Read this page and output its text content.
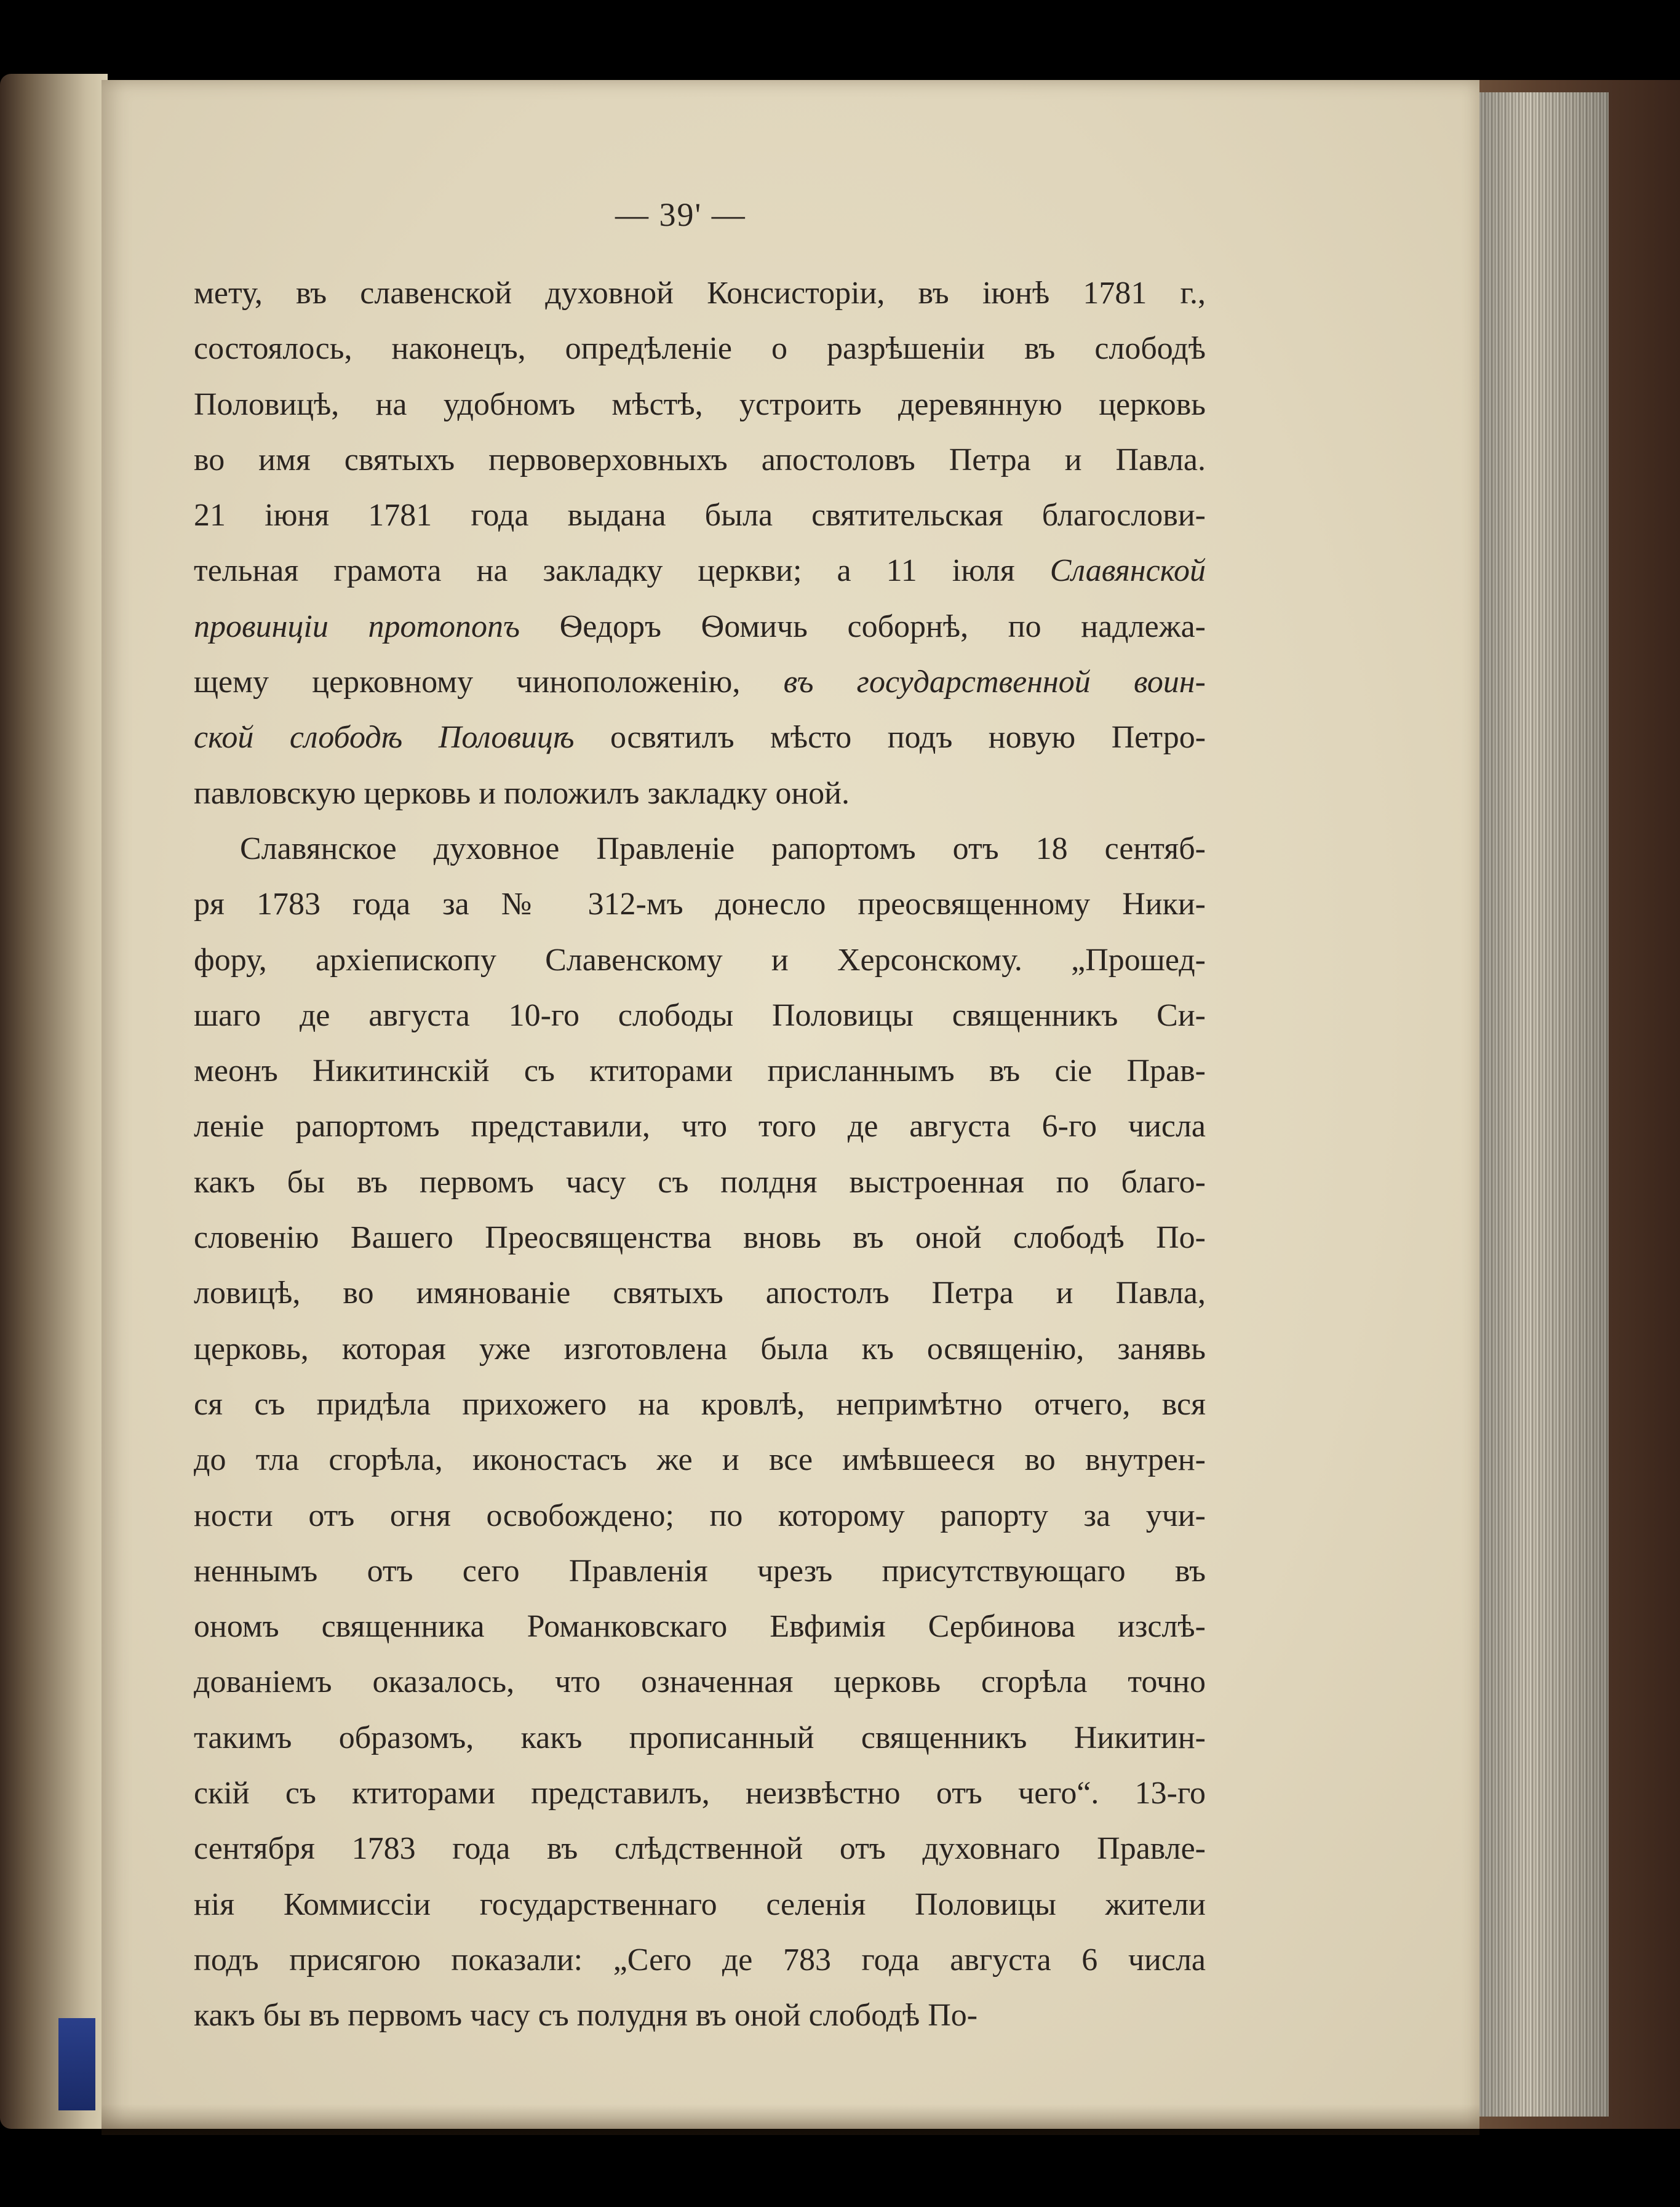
— 39' —
мету, въ славенской духовной Консисторіи, въ іюнѣ 1781 г.,
состоялось, наконецъ, опредѣленіе о разрѣшеніи въ слободѣ
Половицѣ, на удобномъ мѣстѣ, устроить деревянную церковь
во имя святыхъ первоверховныхъ апостоловъ Петра и Павла.
21 іюня 1781 года выдана была святительская благослови-
тельная грамота на закладку церкви; а 11 іюля Славянской
провинціи протопопъ Ѳедоръ Ѳомичь соборнѣ, по надлежа-
щему церковному чиноположенію, въ государственной воин-
ской слободѣ Половицѣ освятилъ мѣсто подъ новую Петро-
павловскую церковь и положилъ закладку оной.
Славянское духовное Правленіе рапортомъ отъ 18 сентяб-
ря 1783 года за № 312-мъ донесло преосвященному Ники-
фору, архіепископу Славенскому и Херсонскому. „Прошед-
шаго де августа 10-го слободы Половицы священникъ Си-
меонъ Никитинскій съ ктиторами присланнымъ въ сіе Прав-
леніе рапортомъ представили, что того де августа 6-го числа
какъ бы въ первомъ часу съ полдня выстроенная по благо-
словенію Вашего Преосвященства вновь въ оной слободѣ По-
ловицѣ, во имянованіе святыхъ апостолъ Петра и Павла,
церковь, которая уже изготовлена была къ освященію, занявь
ся съ придѣла прихожего на кровлѣ, непримѣтно отчего, вся
до тла сгорѣла, иконостасъ же и все имѣвшееся во внутрен-
ности отъ огня освобождено; по которому рапорту за учи-
неннымъ отъ сего Правленія чрезъ присутствующаго въ
ономъ священника Романковскаго Евфимія Сербинова изслѣ-
дованіемъ оказалось, что означенная церковь сгорѣла точно
такимъ образомъ, какъ прописанный священникъ Никитин-
скій съ ктиторами представилъ, неизвѣстно отъ чего“. 13-го
сентября 1783 года въ слѣдственной отъ духовнаго Правле-
нія Коммиссіи государственнаго селенія Половицы жители
подъ присягою показали: „Сего де 783 года августа 6 числа
какъ бы въ первомъ часу съ полудня въ оной слободѣ По-
